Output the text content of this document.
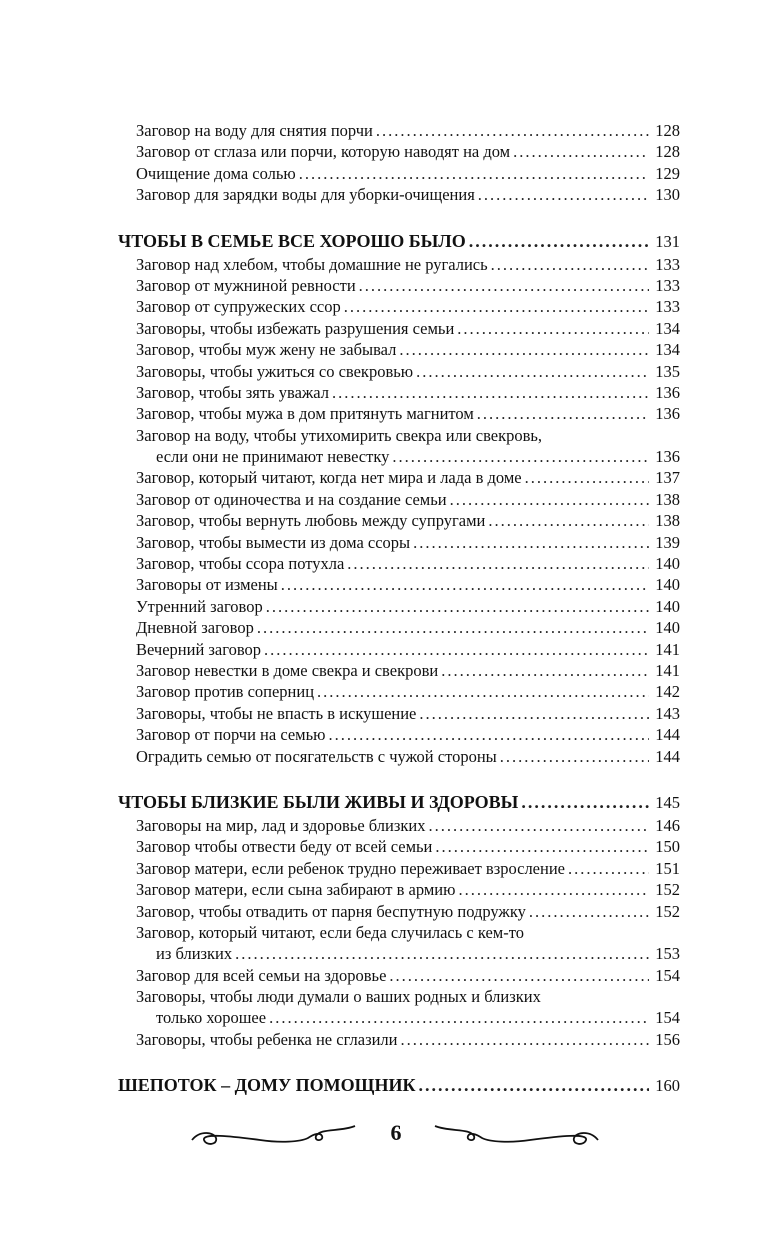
Заговор на воду для снятия порчи .....	128
Заговор от сглаза или порчи, которую наводят на дом .....	128
Очищение дома солью .....	129
Заговор для зарядки воды для уборки-очищения .....	130
ЧТОБЫ В СЕМЬЕ ВСЕ ХОРОШО БЫЛО .....	131
Заговор над хлебом, чтобы домашние не ругались .....	133
Заговор от мужниной ревности .....	133
Заговор от супружеских ссор .....	133
Заговоры, чтобы избежать разрушения семьи .....	134
Заговор, чтобы муж жену не забывал .....	134
Заговоры, чтобы ужиться со свекровью .....	135
Заговор, чтобы зять уважал .....	136
Заговор, чтобы мужа в дом притянуть магнитом .....	136
Заговор на воду, чтобы утихомирить свекра или свекровь,
если они не принимают невестку .....	136
Заговор, который читают, когда нет мира и лада в доме .....	137
Заговор от одиночества и на создание семьи .....	138
Заговор, чтобы вернуть любовь между супругами .....	138
Заговор, чтобы вымести из дома ссоры .....	139
Заговор, чтобы ссора потухла .....	140
Заговоры от измены .....	140
Утренний заговор .....	140
Дневной заговор .....	140
Вечерний заговор .....	141
Заговор невестки в доме свекра и свекрови .....	141
Заговор против соперниц .....	142
Заговоры, чтобы не впасть в искушение .....	143
Заговор от порчи на семью .....	144
Оградить семью от посягательств с чужой стороны .....	144
ЧТОБЫ БЛИЗКИЕ БЫЛИ ЖИВЫ И ЗДОРОВЫ .....	145
Заговоры на мир, лад и здоровье близких .....	146
Заговор чтобы отвести беду от всей семьи .....	150
Заговор матери, если ребенок трудно переживает взросление .....	151
Заговор матери, если сына забирают в армию .....	152
Заговор, чтобы отвадить от парня беспутную подружку .....	152
Заговор, который читают, если беда случилась с кем-то
из близких .....	153
Заговор для всей семьи на здоровье .....	154
Заговоры, чтобы люди думали о ваших родных и близких
только хорошее .....	154
Заговоры, чтобы ребенка не сглазили .....	156
ШЕПОТОК – ДОМУ ПОМОЩНИК .....	160
6
